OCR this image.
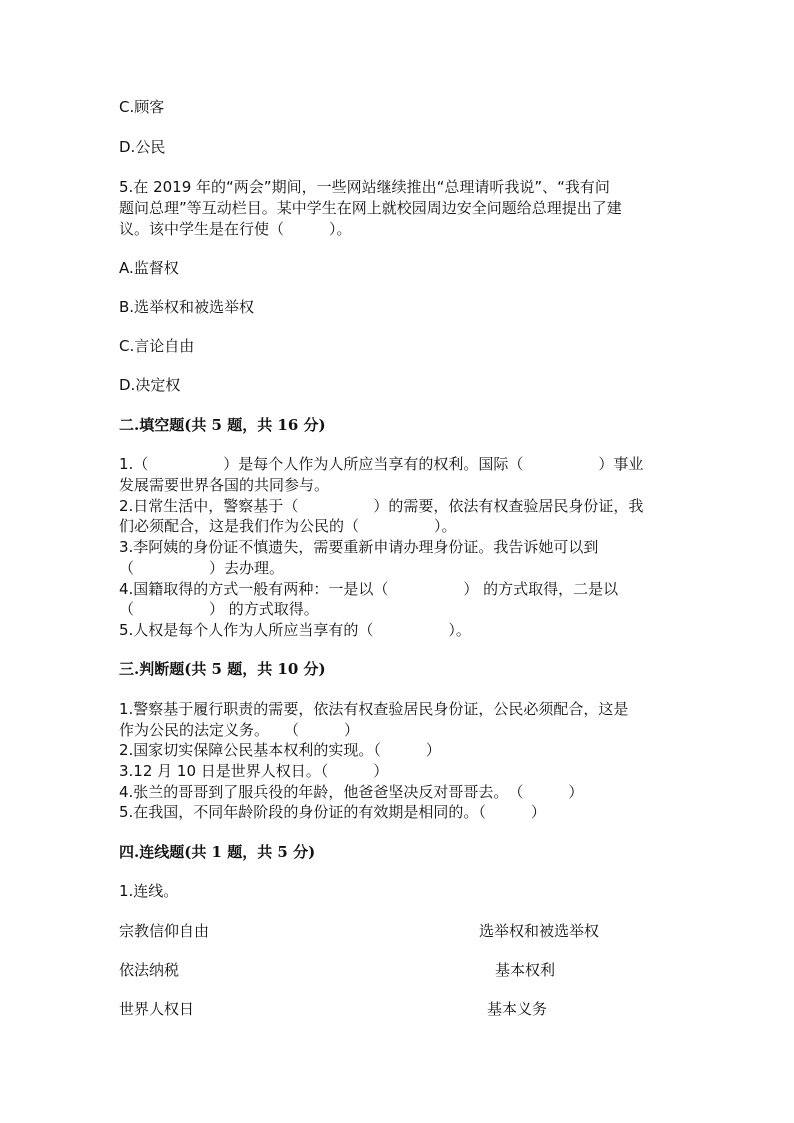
C.顾客
D.公民
5.在 2019 年的“两会”期间，一些网站继续推出“总理请听我说”、“我有问
题问总理”等互动栏目。某中学生在网上就校园周边安全问题给总理提出了建
议。该中学生是在行使（　　　）。
A.监督权
B.选举权和被选举权
C.言论自由
D.决定权
二.填空题(共 5 题，共 16 分)
1.（　　　　　）是每个人作为人所应当享有的权利。国际（　　　　　）事业
发展需要世界各国的共同参与。
2.日常生活中，警察基于（　　　　　）的需要，依法有权查验居民身份证，我
们必须配合，这是我们作为公民的（　　　　　）。
3.李阿姨的身份证不慎遗失，需要重新申请办理身份证。我告诉她可以到
（　　　　　）去办理。
4.国籍取得的方式一般有两种：一是以（　　　　　） 的方式取得，二是以
（　　　　　） 的方式取得。
5.人权是每个人作为人所应当享有的（　　　　　）。
三.判断题(共 5 题，共 10 分)
1.警察基于履行职责的需要，依法有权查验居民身份证，公民必须配合，这是
作为公民的法定义务。　　（　　　）
2.国家切实保障公民基本权利的实现。（　　　）
3.12 月 10 日是世界人权日。（　　　）
4.张兰的哥哥到了服兵役的年龄，他爸爸坚决反对哥哥去。　（　　　）
5.在我国，不同年龄阶段的身份证的有效期是相同的。（　　　）
四.连线题(共 1 题，共 5 分)
1.连线。
宗教信仰自由
依法纳税
世界人权日
选举权和被选举权
基本权利
基本义务
